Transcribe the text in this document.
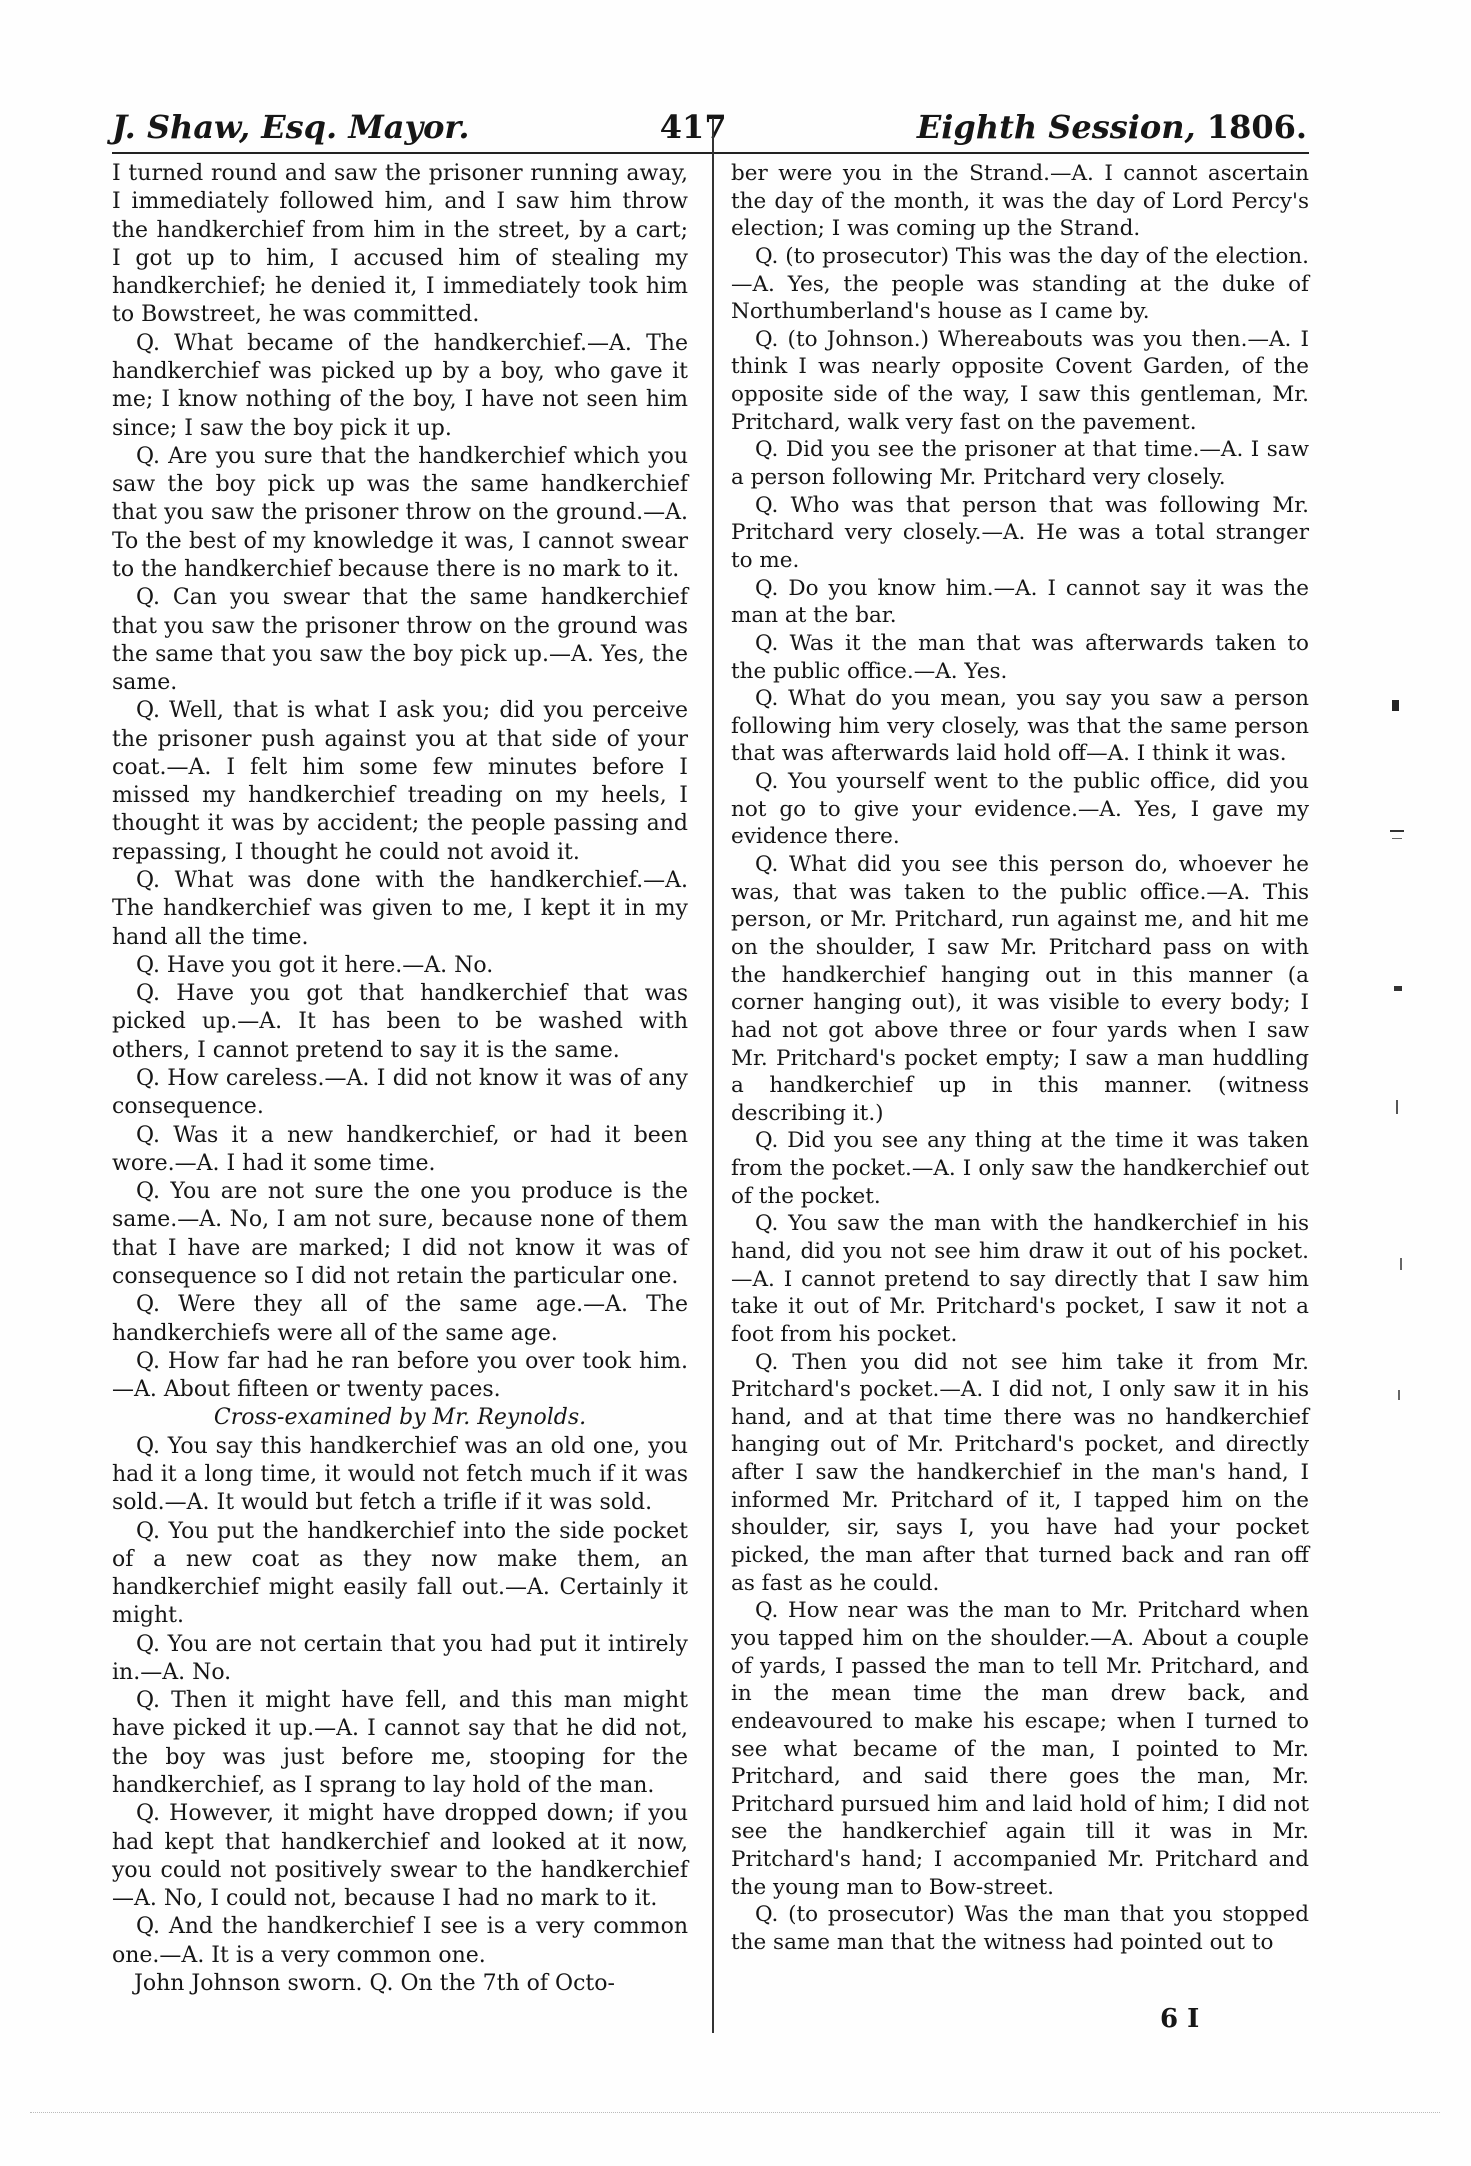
J. Shaw, Esq. Mayor.	417	Eighth Session, 1806.

I turned round and saw the prisoner running away, I immediately followed him, and I saw him throw the handkerchief from him in the street, by a cart; I got up to him, I accused him of stealing my handkerchief; he denied it, I immediately took him to Bowstreet, he was committed.

Q. What became of the handkerchief.—A. The handkerchief was picked up by a boy, who gave it me; I know nothing of the boy, I have not seen him since; I saw the boy pick it up.

Q. Are you sure that the handkerchief which you saw the boy pick up was the same handkerchief that you saw the prisoner throw on the ground.—A. To the best of my knowledge it was, I cannot swear to the handkerchief because there is no mark to it.

Q. Can you swear that the same handkerchief that you saw the prisoner throw on the ground was the same that you saw the boy pick up.—A. Yes, the same.

Q. Well, that is what I ask you; did you perceive the prisoner push against you at that side of your coat.—A. I felt him some few minutes before I missed my handkerchief treading on my heels, I thought it was by accident; the people passing and repassing, I thought he could not avoid it.

Q. What was done with the handkerchief.—A. The handkerchief was given to me, I kept it in my hand all the time.

Q. Have you got it here.—A. No.

Q. Have you got that handkerchief that was picked up.—A. It has been to be washed with others, I cannot pretend to say it is the same.

Q. How careless.—A. I did not know it was of any consequence.

Q. Was it a new handkerchief, or had it been wore.—A. I had it some time.

Q. You are not sure the one you produce is the same.—A. No, I am not sure, because none of them that I have are marked; I did not know it was of consequence so I did not retain the particular one.

Q. Were they all of the same age.—A. The handkerchiefs were all of the same age.

Q. How far had he ran before you over took him.—A. About fifteen or twenty paces.

Cross-examined by Mr. Reynolds.

Q. You say this handkerchief was an old one, you had it a long time, it would not fetch much if it was sold.—A. It would but fetch a trifle if it was sold.

Q. You put the handkerchief into the side pocket of a new coat as they now make them, an handkerchief might easily fall out.—A. Certainly it might.

Q. You are not certain that you had put it intirely in.—A. No.

Q. Then it might have fell, and this man might have picked it up.—A. I cannot say that he did not, the boy was just before me, stooping for the handkerchief, as I sprang to lay hold of the man.

Q. However, it might have dropped down; if you had kept that handkerchief and looked at it now, you could not positively swear to the handkerchief—A. No, I could not, because I had no mark to it.

Q. And the handkerchief I see is a very common one.—A. It is a very common one.

John Johnson sworn. Q. On the 7th of Octo-

ber were you in the Strand.—A. I cannot ascertain the day of the month, it was the day of Lord Percy's election; I was coming up the Strand.

Q. (to prosecutor) This was the day of the election.—A. Yes, the people was standing at the duke of Northumberland's house as I came by.

Q. (to Johnson.) Whereabouts was you then.—A. I think I was nearly opposite Covent Garden, of the opposite side of the way, I saw this gentleman, Mr. Pritchard, walk very fast on the pavement.

Q. Did you see the prisoner at that time.—A. I saw a person following Mr. Pritchard very closely.

Q. Who was that person that was following Mr. Pritchard very closely.—A. He was a total stranger to me.

Q. Do you know him.—A. I cannot say it was the man at the bar.

Q. Was it the man that was afterwards taken to the public office.—A. Yes.

Q. What do you mean, you say you saw a person following him very closely, was that the same person that was afterwards laid hold off—A. I think it was.

Q. You yourself went to the public office, did you not go to give your evidence.—A. Yes, I gave my evidence there.

Q. What did you see this person do, whoever he was, that was taken to the public office.—A. This person, or Mr. Pritchard, run against me, and hit me on the shoulder, I saw Mr. Pritchard pass on with the handkerchief hanging out in this manner (a corner hanging out), it was visible to every body; I had not got above three or four yards when I saw Mr. Pritchard's pocket empty; I saw a man huddling a handkerchief up in this manner. (witness describing it.)

Q. Did you see any thing at the time it was taken from the pocket.—A. I only saw the handkerchief out of the pocket.

Q. You saw the man with the handkerchief in his hand, did you not see him draw it out of his pocket.—A. I cannot pretend to say directly that I saw him take it out of Mr. Pritchard's pocket, I saw it not a foot from his pocket.

Q. Then you did not see him take it from Mr. Pritchard's pocket.—A. I did not, I only saw it in his hand, and at that time there was no handkerchief hanging out of Mr. Pritchard's pocket, and directly after I saw the handkerchief in the man's hand, I informed Mr. Pritchard of it, I tapped him on the shoulder, sir, says I, you have had your pocket picked, the man after that turned back and ran off as fast as he could.

Q. How near was the man to Mr. Pritchard when you tapped him on the shoulder.—A. About a couple of yards, I passed the man to tell Mr. Pritchard, and in the mean time the man drew back, and endeavoured to make his escape; when I turned to see what became of the man, I pointed to Mr. Pritchard, and said there goes the man, Mr. Pritchard pursued him and laid hold of him; I did not see the handkerchief again till it was in Mr. Pritchard's hand; I accompanied Mr. Pritchard and the young man to Bow-street.

Q. (to prosecutor) Was the man that you stopped the same man that the witness had pointed out to

6 I
